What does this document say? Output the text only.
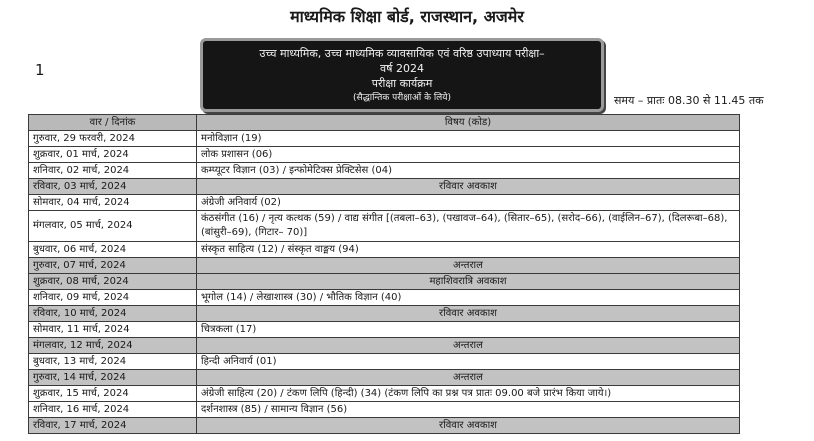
माध्यमिक शिक्षा बोर्ड, राजस्थान, अजमेर
1
उच्च माध्यमिक, उच्च माध्यमिक व्यावसायिक एवं वरिष्ठ उपाध्याय परीक्षा–
वर्ष 2024
परीक्षा कार्यक्रम
(सैद्धान्तिक परीक्षाओं के लिये)	समय – प्रातः 08.30 से 11.45 तक
वार / दिनांक	विषय (कोड)
गुरुवार, 29 फरवरी, 2024	मनोविज्ञान (19)
शुक्रवार, 01 मार्च, 2024	लोक प्रशासन (06)
शनिवार, 02 मार्च, 2024	कम्प्यूटर विज्ञान (03) / इन्फोमेटिक्स प्रेक्टिसेस (04)
रविवार, 03 मार्च, 2024	रविवार अवकाश
सोमवार, 04 मार्च, 2024	अंग्रेजी अनिवार्य (02)
मंगलवार, 05 मार्च, 2024	कंठसंगीत (16) / नृत्य कत्थक (59) / वाद्य संगीत [(तबला–63), (पखावज–64), (सितार–65), (सरोद–66), (वाईलिन–67), (दिलरूबा–68), (बांसुरी–69), (गिटार– 70)]
बुधवार, 06 मार्च, 2024	संस्कृत साहित्य (12) / संस्कृत वाङ्मय (94)
गुरुवार, 07 मार्च, 2024	अन्तराल
शुक्रवार, 08 मार्च, 2024	महाशिवरात्रि अवकाश
शनिवार, 09 मार्च, 2024	भूगोल (14) / लेखाशास्त्र (30) / भौतिक विज्ञान (40)
रविवार, 10 मार्च, 2024	रविवार अवकाश
सोमवार, 11 मार्च, 2024	चित्रकला (17)
मंगलवार, 12 मार्च, 2024	अन्तराल
बुधवार, 13 मार्च, 2024	हिन्दी अनिवार्य (01)
गुरुवार, 14 मार्च, 2024	अन्तराल
शुक्रवार, 15 मार्च, 2024	अंग्रेजी साहित्य (20) / टंकण लिपि (हिन्दी) (34) (टंकण लिपि का प्रश्न पत्र प्रातः 09.00 बजे प्रारंभ किया जाये।)
शनिवार, 16 मार्च, 2024	दर्शनशास्त्र (85) / सामान्य विज्ञान (56)
रविवार, 17 मार्च, 2024	रविवार अवकाश
